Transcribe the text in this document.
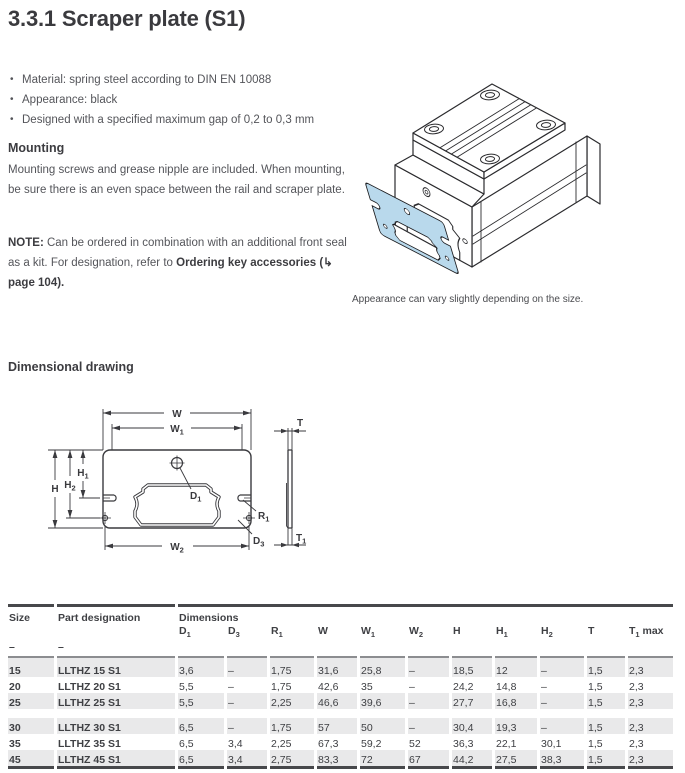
3.3.1 Scraper plate (S1)
• Material: spring steel according to DIN EN 10088
• Appearance: black
• Designed with a specified maximum gap of 0,2 to 0,3 mm
Mounting
Mounting screws and grease nipple are included. When mounting, be sure there is an even space between the rail and scraper plate.
NOTE: Can be ordered in combination with an additional front seal as a kit. For designation, refer to Ordering key accessories (↳ page 104).
Appearance can vary slightly depending on the size.
Dimensional drawing
W
$W_1$
$W_2$
H $H_2$
$H_1$
$D_1$
$R_1$
$D_3$
T
$T_1$
Size	Part designation	Dimensions										
		$D_1$	$D_3$	$R_1$	W	$W_1$	$W_2$	H	$H_1$	$H_2$	T	$T_1$ max
–	–											
15	LLTHZ 15 S1	3,6	–	1,75	31,6	25,8	–	18,5	12	–	1,5	2,3
20	LLTHZ 20 S1	5,5	–	1,75	42,6	35	–	24,2	14,8	–	1,5	2,3
25	LLTHZ 25 S1	5,5	–	2,25	46,6	39,6	–	27,7	16,8	–	1,5	2,3

30	LLTHZ 30 S1	6,5	–	1,75	57	50	–	30,4	19,3	–	1,5	2,3
35	LLTHZ 35 S1	6,5	3,4	2,25	67,3	59,2	52	36,3	22,1	30,1	1,5	2,3
45	LLTHZ 45 S1	6,5	3,4	2,75	83,3	72	67	44,2	27,5	38,3	1,5	2,3
